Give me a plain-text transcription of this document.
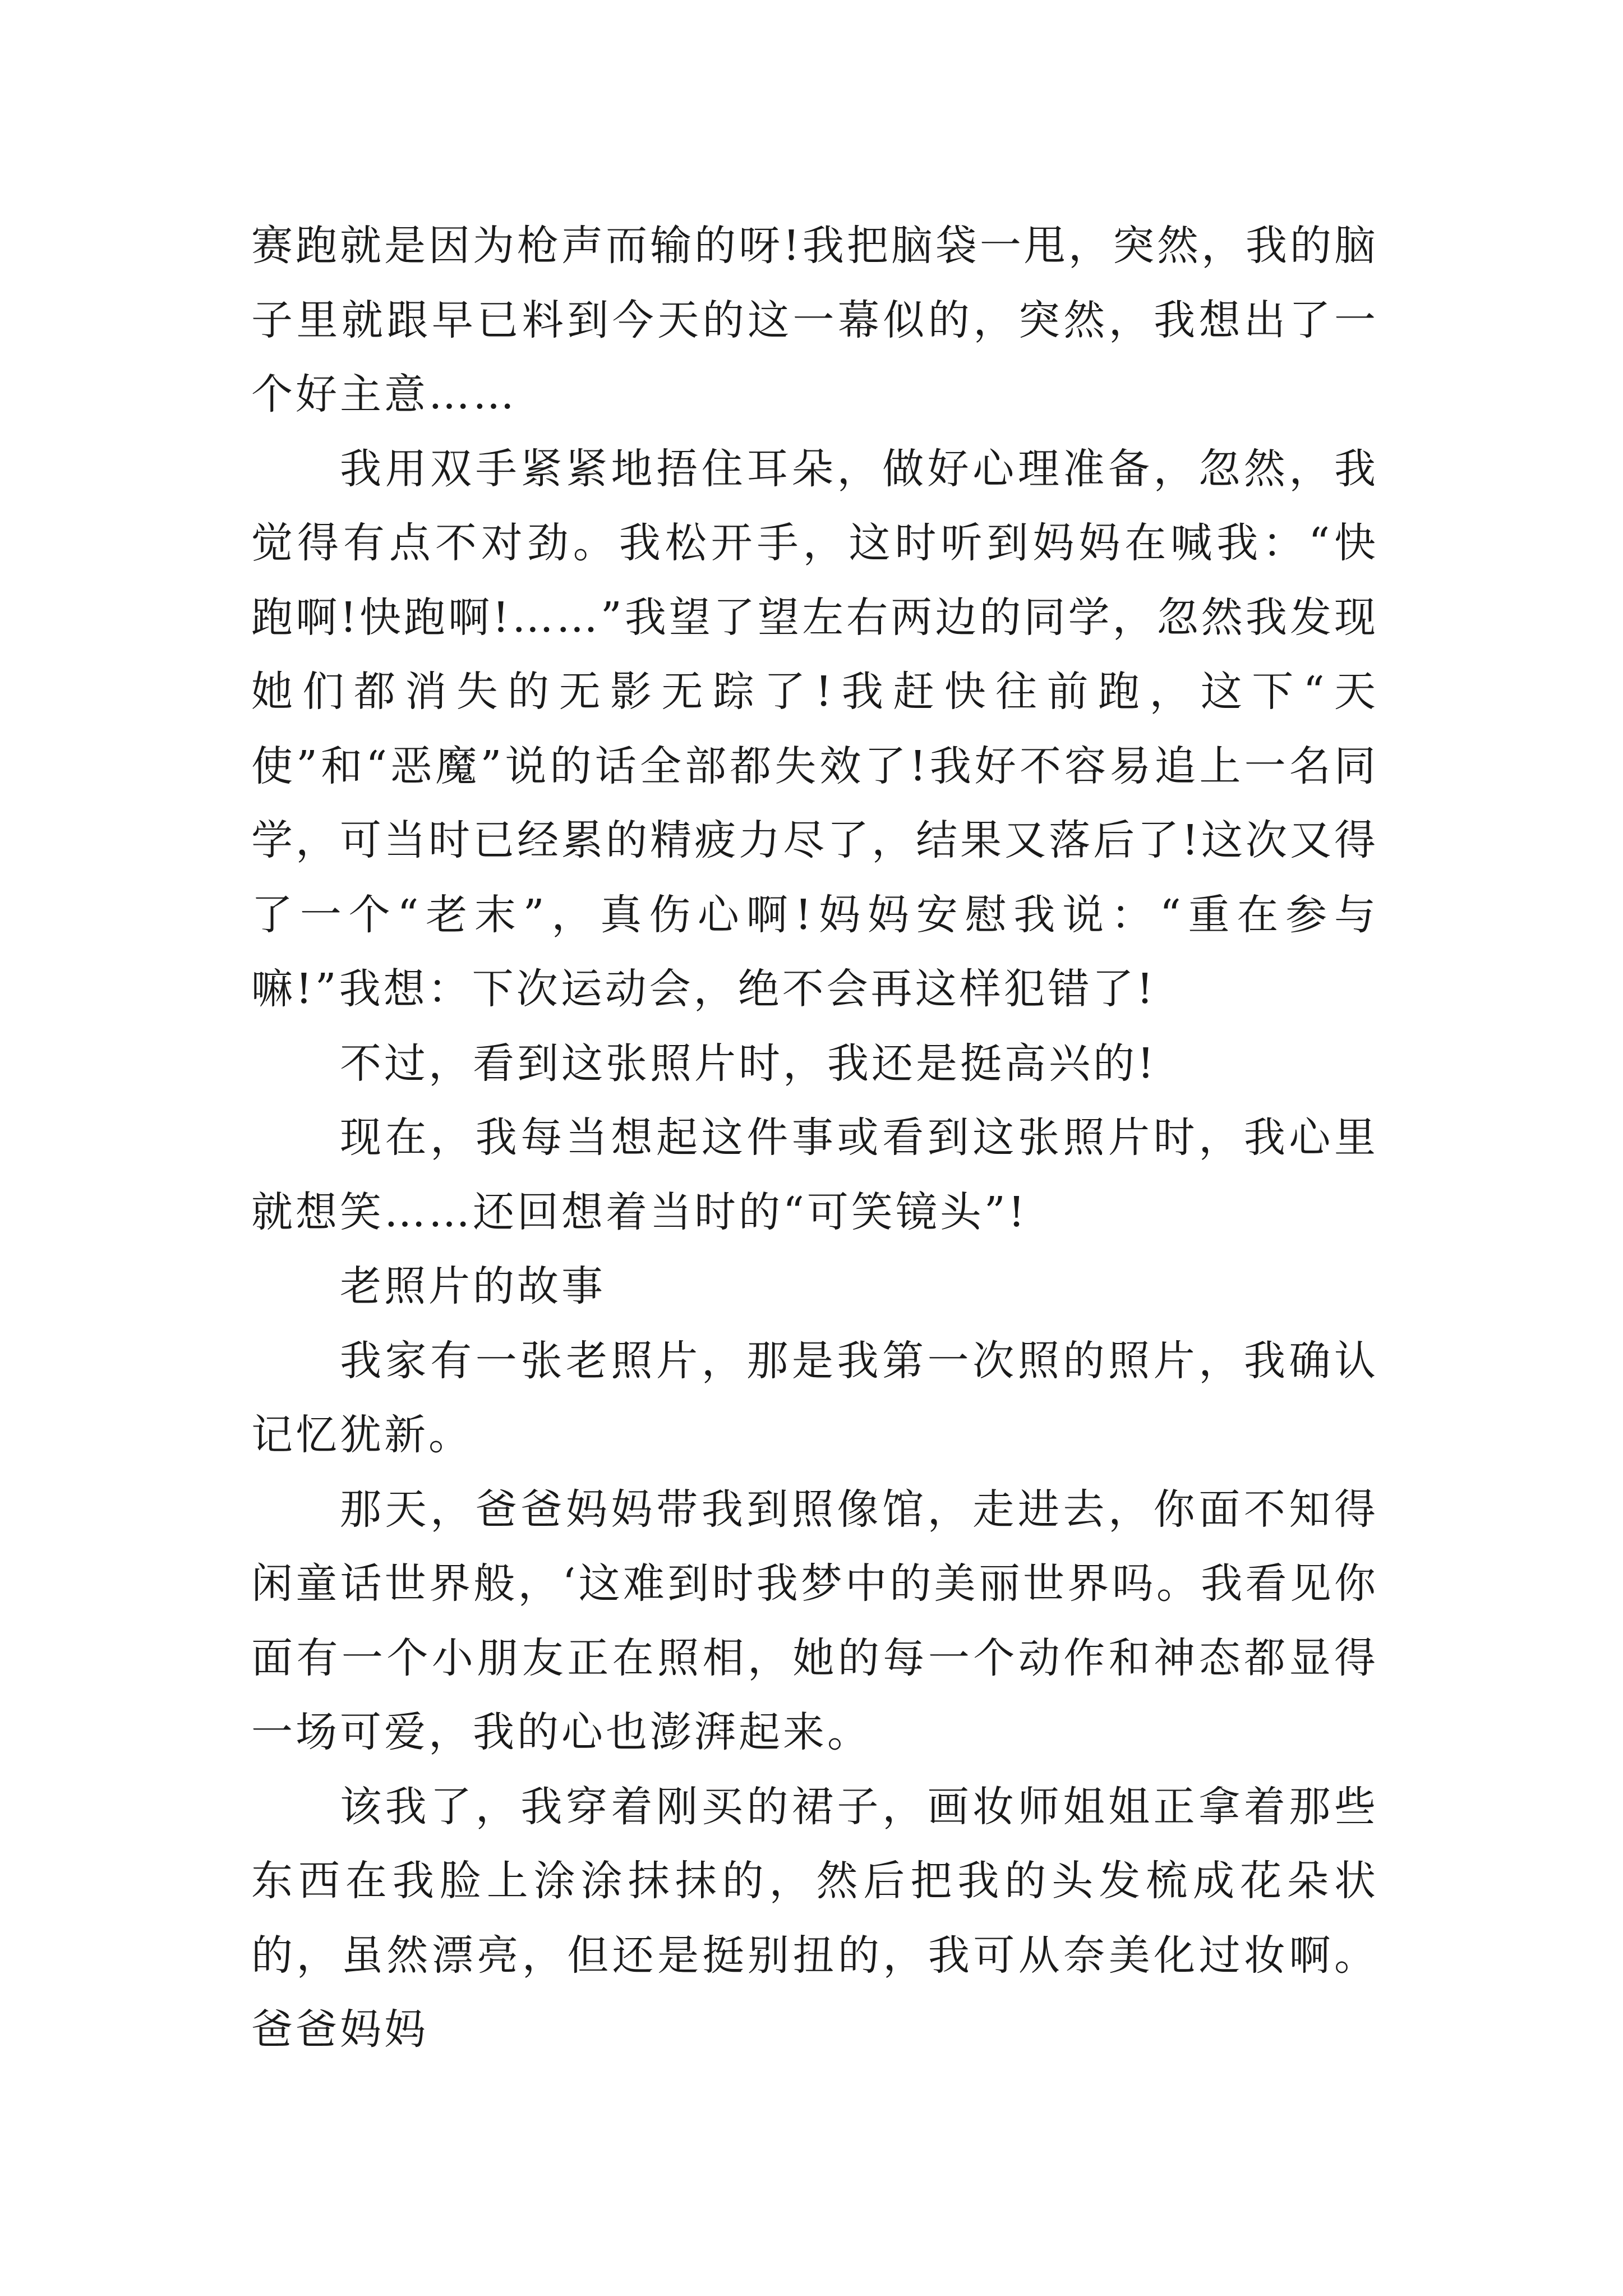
赛跑就是因为枪声而输的呀!我把脑袋一甩，突然，我的脑子里就跟早已料到今天的这一幕似的，突然，我想出了一个好主意……

我用双手紧紧地捂住耳朵，做好心理准备，忽然，我觉得有点不对劲。我松开手，这时听到妈妈在喊我：“快跑啊!快跑啊!……”我望了望左右两边的同学，忽然我发现她们都消失的无影无踪了!我赶快往前跑，这下“天使”和“恶魔”说的话全部都失效了!我好不容易追上一名同学，可当时已经累的精疲力尽了，结果又落后了!这次又得了一个“老末”，真伤心啊!妈妈安慰我说：“重在参与嘛!”我想：下次运动会，绝不会再这样犯错了!

不过，看到这张照片时，我还是挺高兴的!

现在，我每当想起这件事或看到这张照片时，我心里就想笑……还回想着当时的“可笑镜头”!

老照片的故事

我家有一张老照片，那是我第一次照的照片，我确认记忆犹新。

那天，爸爸妈妈带我到照像馆，走进去，你面不知得闲童话世界般，‘这难到时我梦中的美丽世界吗。我看见你面有一个小朋友正在照相，她的每一个动作和神态都显得一场可爱，我的心也澎湃起来。

该我了，我穿着刚买的裙子，画妆师姐姐正拿着那些东西在我脸上涂涂抹抹的，然后把我的头发梳成花朵状的，虽然漂亮，但还是挺别扭的，我可从奈美化过妆啊。爸爸妈妈
